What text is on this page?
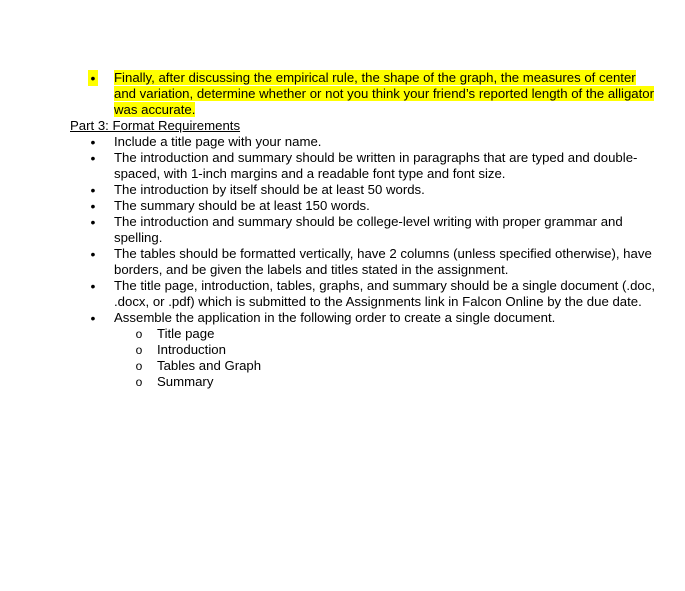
• Finally, after discussing the empirical rule, the shape of the graph, the measures of center and variation, determine whether or not you think your friend’s reported length of the alligator was accurate.
Part 3: Format Requirements
• Include a title page with your name.
• The introduction and summary should be written in paragraphs that are typed and double-spaced, with 1-inch margins and a readable font type and font size.
• The introduction by itself should be at least 50 words.
• The summary should be at least 150 words.
• The introduction and summary should be college-level writing with proper grammar and spelling.
• The tables should be formatted vertically, have 2 columns (unless specified otherwise), have borders, and be given the labels and titles stated in the assignment.
• The title page, introduction, tables, graphs, and summary should be a single document (.doc, .docx, or .pdf) which is submitted to the Assignments link in Falcon Online by the due date.
• Assemble the application in the following order to create a single document.
o Title page
o Introduction
o Tables and Graph
o Summary
